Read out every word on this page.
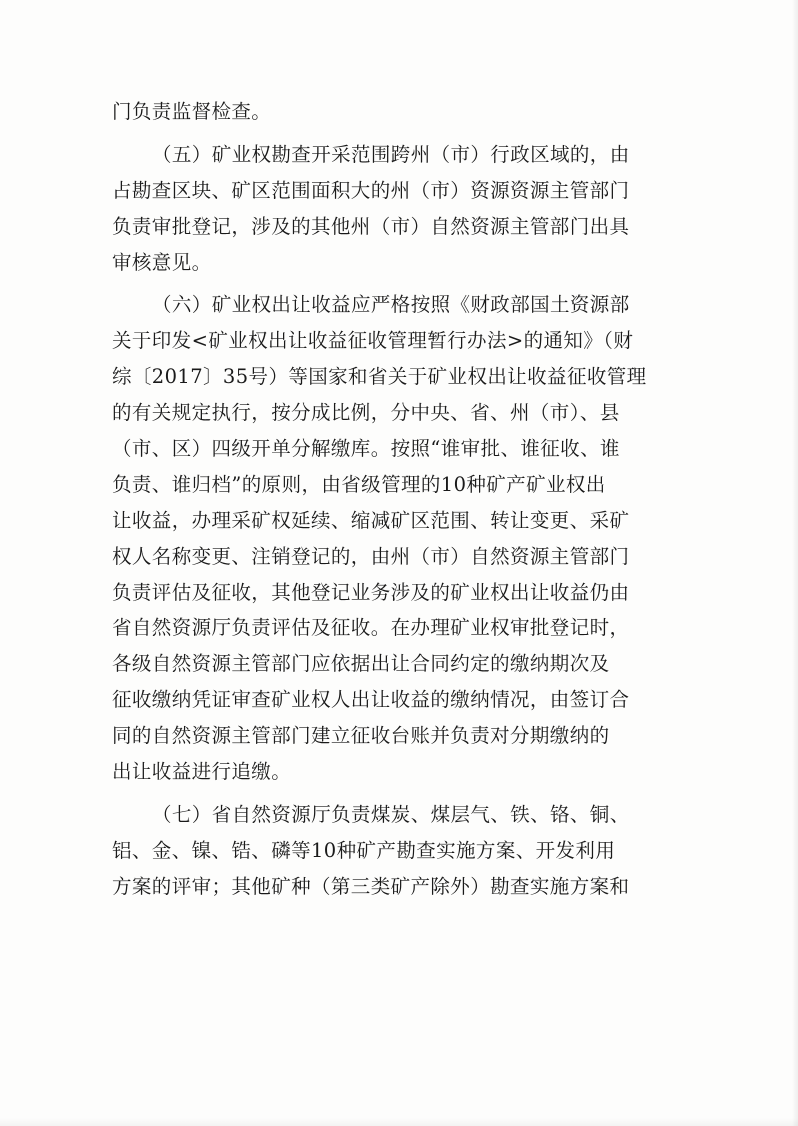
门负责监督检查。
（五）矿业权勘查开采范围跨州（市）行政区域的，由
占勘查区块、矿区范围面积大的州（市）资源资源主管部门
负责审批登记，涉及的其他州（市）自然资源主管部门出具
审核意见。
（六）矿业权出让收益应严格按照《财政部国土资源部
关于印发<矿业权出让收益征收管理暂行办法>的通知》（财
综〔2017〕35号）等国家和省关于矿业权出让收益征收管理
的有关规定执行，按分成比例，分中央、省、州（市）、县
（市、区）四级开单分解缴库。按照“谁审批、谁征收、谁
负责、谁归档”的原则，由省级管理的10种矿产矿业权出
让收益，办理采矿权延续、缩减矿区范围、转让变更、采矿
权人名称变更、注销登记的，由州（市）自然资源主管部门
负责评估及征收，其他登记业务涉及的矿业权出让收益仍由
省自然资源厅负责评估及征收。在办理矿业权审批登记时，
各级自然资源主管部门应依据出让合同约定的缴纳期次及
征收缴纳凭证审查矿业权人出让收益的缴纳情况，由签订合
同的自然资源主管部门建立征收台账并负责对分期缴纳的
出让收益进行追缴。
（七）省自然资源厅负责煤炭、煤层气、铁、铬、铜、
铝、金、镍、锆、磷等10种矿产勘查实施方案、开发利用
方案的评审；其他矿种（第三类矿产除外）勘查实施方案和
